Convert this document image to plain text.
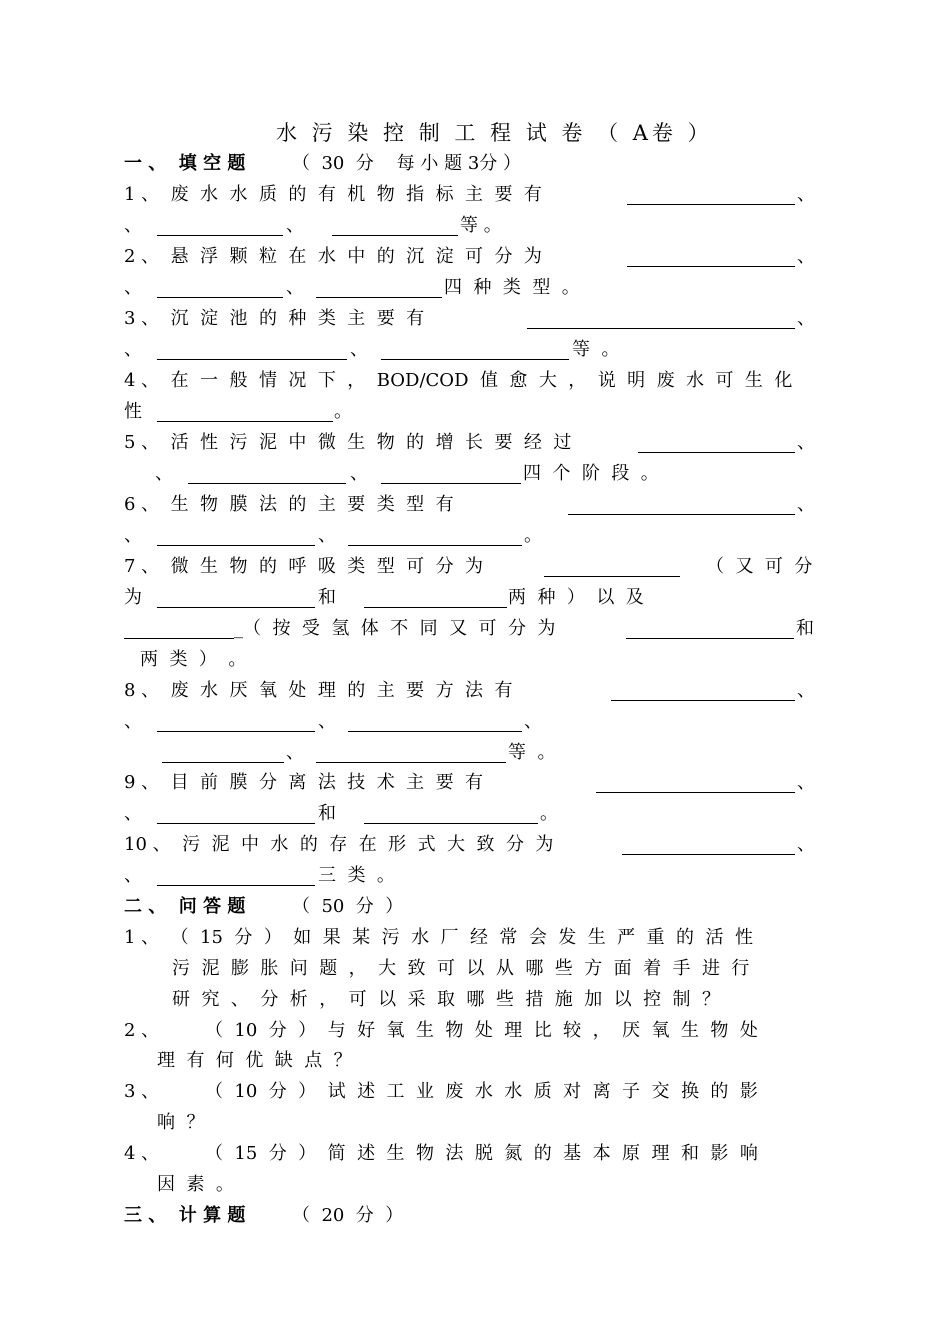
水 污 染 控 制 工 程 试 卷 （ A卷 ）
一 、  填 空 题	（  30  分    每 小 题 3分 ）
1 、  废  水  水  质  的  有  机  物  指  标  主  要  有	、
、	、	等 。
2 、  悬  浮  颗  粒  在  水  中  的  沉  淀  可  分  为	、
、	、	四  种  类  型  。
3 、  沉  淀  池  的  种  类  主  要  有	、
、	、	等  。
4 、  在  一  般  情  况  下  ，  BOD/COD  值  愈  大  ，  说  明  废  水  可  生  化
性	。
5 、  活  性  污  泥  中  微  生  物  的  增  长  要  经  过	、
、	、	四  个  阶  段  。
6 、  生  物  膜  法  的  主  要  类  型  有	、
、	、	。
7 、  微  生  物  的  呼  吸  类  型  可  分  为	（  又  可  分
为	和	两  种  ）  以  及
_（  按  受  氢  体  不  同  又  可  分  为	和
两  类  ）  。
8 、  废  水  厌  氧  处  理  的  主  要  方  法  有	、
、	、	、
、	等  。
9 、  目  前  膜  分  离  法  技  术  主  要  有	、
、	和	。
10 、  污  泥  中  水  的  存  在  形  式  大  致  分  为	、
、	三  类  。
二 、  问 答 题	（  50  分  ）
1 、  （  15  分  ）  如  果  某  污  水  厂  经  常  会  发  生  严  重  的  活  性
污  泥  膨  胀  问  题  ，  大  致  可  以  从  哪  些  方  面  着  手  进  行
研  究  、  分  析  ，  可  以  采  取  哪  些  措  施  加  以  控  制  ？
2 、        （  10  分  ）  与  好  氧  生  物  处  理  比  较  ，  厌  氧  生  物  处
理  有  何  优  缺  点  ？
3 、        （  10  分  ）  试  述  工  业  废  水  水  质  对  离  子  交  换  的  影
响  ？
4 、        （  15  分  ）  简  述  生  物  法  脱  氮  的  基  本  原  理  和  影  响
因  素  。
三 、  计 算 题	（  20  分  ）
